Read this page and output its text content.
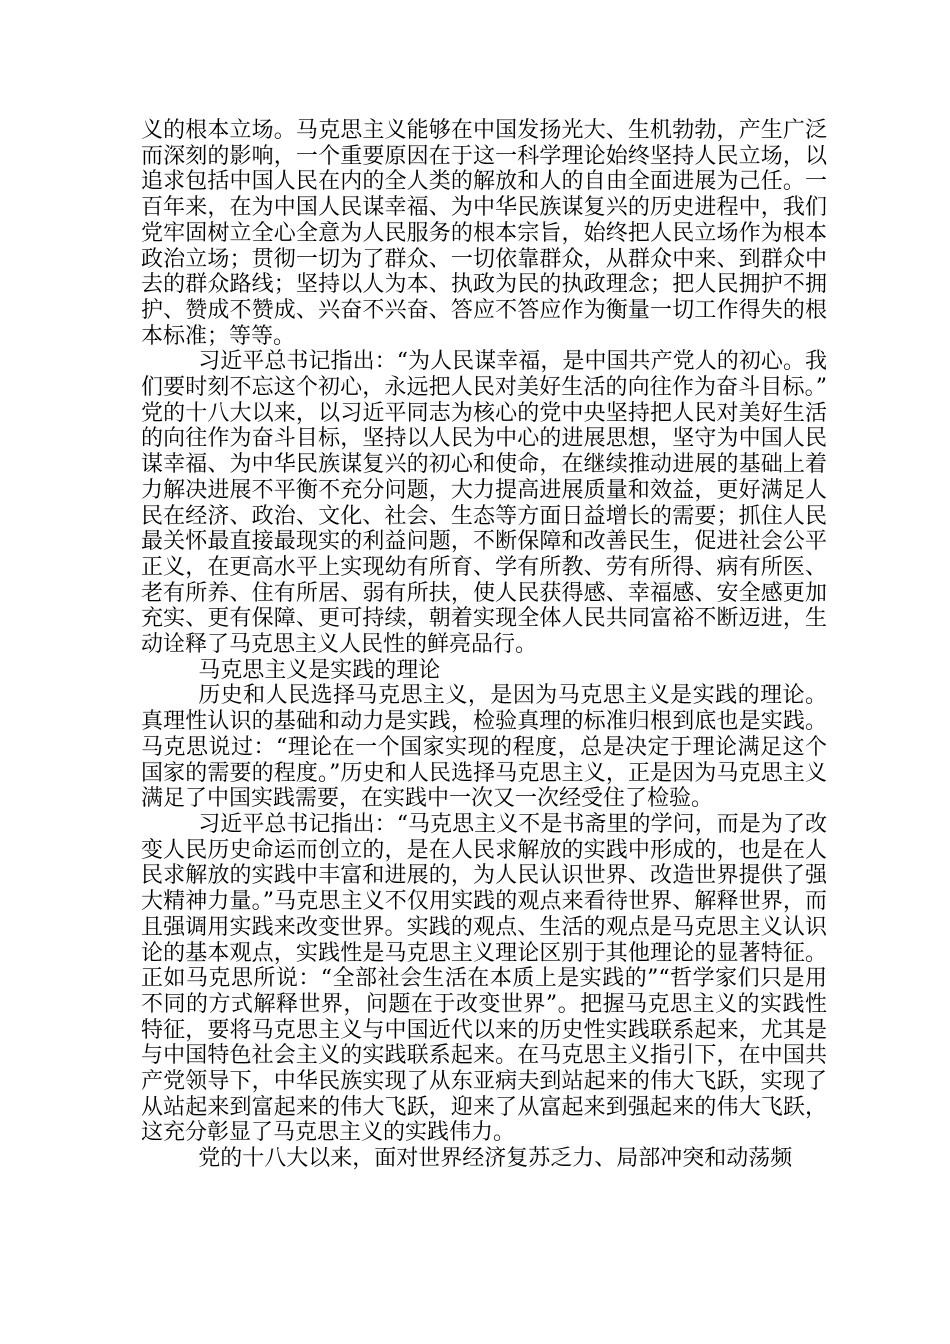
义的根本立场。马克思主义能够在中国发扬光大、生机勃勃，产生广泛而深刻的影响，一个重要原因在于这一科学理论始终坚持人民立场，以追求包括中国人民在内的全人类的解放和人的自由全面进展为己任。一百年来，在为中国人民谋幸福、为中华民族谋复兴的历史进程中，我们党牢固树立全心全意为人民服务的根本宗旨，始终把人民立场作为根本政治立场；贯彻一切为了群众、一切依靠群众，从群众中来、到群众中去的群众路线；坚持以人为本、执政为民的执政理念；把人民拥护不拥护、赞成不赞成、兴奋不兴奋、答应不答应作为衡量一切工作得失的根本标准；等等。

习近平总书记指出：“为人民谋幸福，是中国共产党人的初心。我们要时刻不忘这个初心，永远把人民对美好生活的向往作为奋斗目标。”党的十八大以来，以习近平同志为核心的党中央坚持把人民对美好生活的向往作为奋斗目标，坚持以人民为中心的进展思想，坚守为中国人民谋幸福、为中华民族谋复兴的初心和使命，在继续推动进展的基础上着力解决进展不平衡不充分问题，大力提高进展质量和效益，更好满足人民在经济、政治、文化、社会、生态等方面日益增长的需要；抓住人民最关怀最直接最现实的利益问题，不断保障和改善民生，促进社会公平正义，在更高水平上实现幼有所育、学有所教、劳有所得、病有所医、老有所养、住有所居、弱有所扶，使人民获得感、幸福感、安全感更加充实、更有保障、更可持续，朝着实现全体人民共同富裕不断迈进，生动诠释了马克思主义人民性的鲜亮品行。

马克思主义是实践的理论

历史和人民选择马克思主义，是因为马克思主义是实践的理论。真理性认识的基础和动力是实践，检验真理的标准归根到底也是实践。马克思说过：“理论在一个国家实现的程度，总是决定于理论满足这个国家的需要的程度。”历史和人民选择马克思主义，正是因为马克思主义满足了中国实践需要，在实践中一次又一次经受住了检验。

习近平总书记指出：“马克思主义不是书斋里的学问，而是为了改变人民历史命运而创立的，是在人民求解放的实践中形成的，也是在人民求解放的实践中丰富和进展的，为人民认识世界、改造世界提供了强大精神力量。”马克思主义不仅用实践的观点来看待世界、解释世界，而且强调用实践来改变世界。实践的观点、生活的观点是马克思主义认识论的基本观点，实践性是马克思主义理论区别于其他理论的显著特征。正如马克思所说：“全部社会生活在本质上是实践的”“哲学家们只是用不同的方式解释世界，问题在于改变世界”。把握马克思主义的实践性特征，要将马克思主义与中国近代以来的历史性实践联系起来，尤其是与中国特色社会主义的实践联系起来。在马克思主义指引下，在中国共产党领导下，中华民族实现了从东亚病夫到站起来的伟大飞跃，实现了从站起来到富起来的伟大飞跃，迎来了从富起来到强起来的伟大飞跃，这充分彰显了马克思主义的实践伟力。

党的十八大以来，面对世界经济复苏乏力、局部冲突和动荡频
